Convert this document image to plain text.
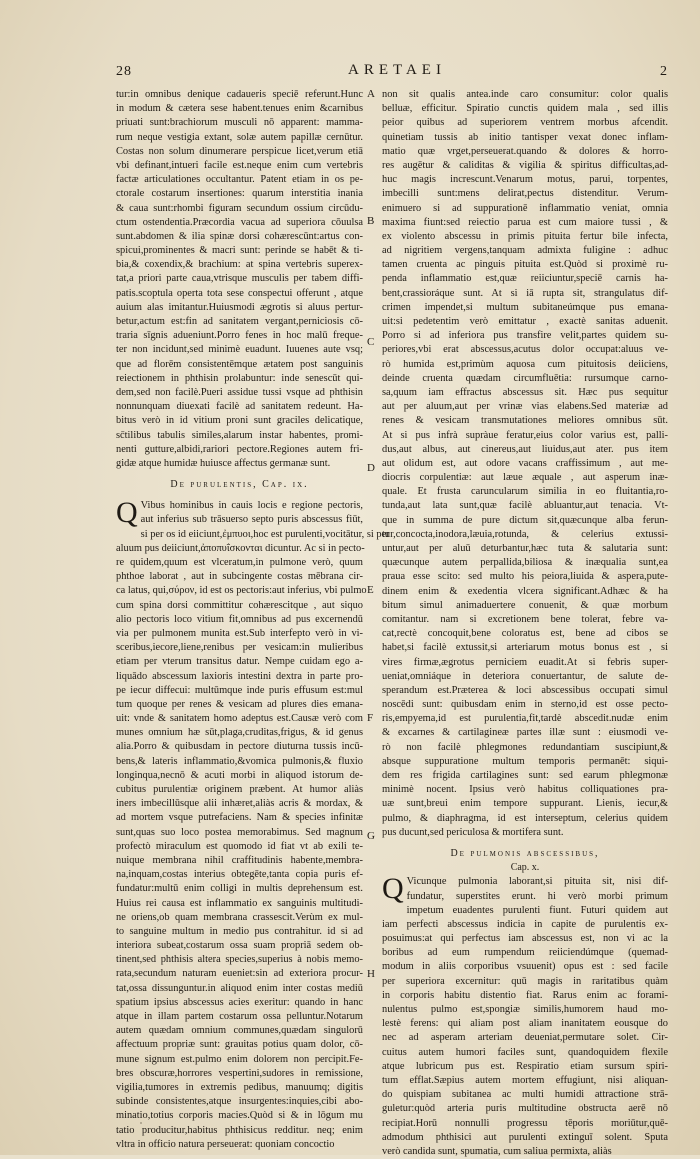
28	ARETAEI	2
tur:in omnibus denique cadaueris speciē referunt.Hunc
in modum & cætera sese habent.tenues enim &carnibus
priuati sunt:brachiorum musculi nō apparent: mamma-
rum neque vestigia extant, solæ autem papillæ cernūtur.
Costas non solum dinumerare perspicue licet,verum etiā
vbi definant,intueri facile est.neque enim cum vertebris
factæ articulationes occultantur. Patent etiam in os pe-
ctorale costarum insertiones: quarum interstitia inania
& caua sunt:rhombi figuram secundum ossium circūdu-
ctum ostendentia.Præcordia vacua ad superiora cōuulsa
sunt.abdomen & ilia spinæ dorsi cohærescūnt:artus con-
spicui,prominentes & macri sunt: perinde se habēt & ti-
bia,& coxendix,& brachium: at spina vertebris superex-
tat,a priori parte caua,vtrisque musculis per tabem diffi-
patis.scoptula operta tota sese conspectui offerunt , atque
auium alas imitantur.Huiusmodi ægrotis si aluus pertur-
betur,actum est:fin ad sanitatem vergant,perniciosis cō-
traria sīgnis adueniunt.Porro fenes in hoc malū freque-
ter non incidunt,sed minimè euadunt. Iuuenes aute vsq;
que ad florēm consistentēmque ætatem post sanguinis
reiectionem in phthisin prolabuntur: inde senescūt qui-
dem,sed non facilè.Pueri assidue tussi vsque ad phthisin
nonnunquam diuexati facilè ad sanitatem redeunt. Ha-
bitus verò in id vitium proni sunt graciles delicatique,
sc̄tilibus tabulis similes,alarum instar habentes, promi-
nenti gutture,albidi,rariori pectore.Regiones autem fri-
gidæ atque humidæ huiusce affectus germanæ sunt.
De purulentis, Cap. ix.
Q Vibus hominibus in cauis locis e regione pectoris,
aut inferius sub trāsuerso septo puris abscessus fiūt,
si per os id eiiciunt,ἐμπυοι,hoc est purulenti,vocitātur, si per
aluum pus deiiciunt,ἀποπυΐσκονται dicuntur. Ac si in pecto-
re quidem,quum est vlceratum,in pulmone verò, quum
phthoe laborat , aut in subcingente costas mēbrana cir-
ca latus, qui,σύρον, id est os pectoris:aut inferius, vbi pulmo
cum spina dorsi committitur cohærescitque , aut siquo
alio pectoris loco vitium fit,omnibus ad pus excernendū
via per pulmonem munita est.Sub interfepto verò in vi-
sceribus,iecore,liene,renibus per vesicam:in mulieribus
etiam per vterum transitus datur. Nempe cuidam ego a-
liquādo abscessum laxioris intestini dextra in parte pro-
pe iecur diffecui: multūmque inde puris effusum est:mul
tum quoque per renes & vesicam ad plures dies emana-
uit: vnde & sanitatem homo adeptus est.Causæ verò com
munes omnium hæ sūt,plaga,cruditas,frigus, & id genus
alia.Porro & quibusdam in pectore diuturna tussis incū-
bens,& lateris inflammatio,&vomica pulmonis,& fluxio
longinqua,necnō & acuti morbi in aliquod istorum de-
cubitus purulentiæ originem præbent. At humor aliàs
iners imbecillūsque alii inhæret,aliàs acris & mordax, &
ad mortem vsque putrefaciens. Nam & species infinitæ
sunt,quas suo loco postea memorabimus. Sed magnum
profectò miraculum est quomodo id fiat vt ab exili te-
nuique membrana nihil craffitudinis habente,membra-
na,inquam,costas interius obtegēte,tanta copia puris ef-
fundatur:multū enim colligi in multis deprehensum est.
Huius rei causa est inflammatio ex sanguinis multitudi-
ne oriens,ob quam membrana crassescit.Verùm ex mul-
to sanguine multum in medio pus contrahitur. id si ad
interiora subeat,costarum ossa suam propriā sedem ob-
tinent,sed phthisis altera species,superius à nobis memo-
rata,secundum naturam eueniet:sin ad exteriora procur-
tat,ossa dissunguntur.in aliquod enim inter costas mediū
spatium ipsius abscessus acies exeritur: quando in hanc
atque in illam partem costarum ossa pelluntur.Notarum
autem quædam omnium communes,quædam singulorū
affectuum propriæ sunt: grauitas potius quam dolor, cō-
mune signum est.pulmo enim dolorem non percipit.Fe-
bres obscuræ,horrores vespertini,sudores in remissione,
vigilia,tumores in extremis pedibus, manuumq; digitis
subinde consistentes,atque insurgentes:inquies,cibi abo-
minatio,totius corporis macies.Quòd si & in lōgum mu
tatio producitur,habitus phthisicus redditur. neq; enim
vltra in officio natura perseuerat: quoniam concoctio
non sit qualis antea.inde caro consumitur: color qualis
belluæ, efficitur. Spiratio cunctis quidem mala , sed illis
peior quibus ad superiorem ventrem morbus afcendit.
quinetiam tussis ab initio tantisper vexat donec inflam-
matio quæ vrget,perseuerat.quando & dolores & horro-
res augētur & caliditas & vigilia & spiritus difficultas,ad-
huc magis increscunt.Venarum motus, parui, torpentes,
imbecilli sunt:mens delirat,pectus distenditur. Verum-
enimuero si ad suppurationē inflammatio veniat, omnia
maxima fiunt:sed reiectio parua est cum maiore tussi , &
ex violento abscessu in primis pituita fertur bile infecta,
ad nigritiem vergens,tanquam admixta fuligine : adhuc
tamen cruenta ac pinguis pituita est.Quòd si proximè ru-
penda inflammatio est,quæ reiiciuntur,speciē carnis ha-
bent,crassioráque sunt. At si iā rupta sit, strangulatus dif-
crimen impendet,si multum subitaneúmque pus emana-
uit:si pedetentim verò emittatur , exactè sanitas aduenit.
Porro si ad inferiora pus transfire velit,partes quidem su-
periores,vbi erat abscessus,acutus dolor occupat:aluus ve-
rò humida est,primùm aquosa cum pituitosis deiiciens,
deinde cruenta quædam circumfluētia: rursumque carno-
sa,quum iam effractus abscessus sit. Hæc pus sequitur
aut per aluum,aut per vrinæ vias elabens.Sed materiæ ad
renes & vesicam transmutationes meliores omnibus sūt.
At si pus infrà supràue feratur,eius color varius est, palli-
dus,aut albus, aut cinereus,aut liuidus,aut ater. pus item
aut olidum est, aut odore vacans craffissimum , aut me-
diocris corpulentiæ: aut læue æquale , aut asperum inæ-
quale. Et frusta caruncularum similia in eo fluitantia,ro-
tunda,aut lata sunt,quæ facilè abluantur,aut tenacia. Vt-
que in summa de pure dictum sit,quæcunque alba ferun-
tur,concocta,inodora,læuia,rotunda, & celerius extussi-
untur,aut per aluū deturbantur,hæc tuta & salutaria sunt:
quæcunque autem perpallida,biliosa & inæqualia sunt,ea
praua esse scito: sed multo his peiora,liuida & aspera,pute-
dinem enim & exedentia vlcera significant.Adhæc & ha
bitum simul animaduertere conuenit, & quæ morbum
comitantur. nam si excretionem bene tolerat, febre va-
cat,rectè concoquit,bene coloratus est, bene ad cibos se
habet,si facilè extussit,si arteriarum motus bonus est , si
vires firmæ,ægrotus perniciem euadit.At si febris super-
ueniat,omniáque in deteriora conuertantur, de salute de-
sperandum est.Præterea & loci abscessibus occupati simul
noscēdi sunt: quibusdam enim in sterno,id est osse pecto-
ris,empyema,id est purulentia,fit,tardè abscedit.nudæ enim
& excarnes & cartilagineæ partes illæ sunt : eiusmodi ve-
rò non facilè phlegmones redundantiam suscipiunt,&
absque suppuratione multum temporis permanēt: siqui-
dem res frigida cartilagines sunt: sed earum phlegmonæ
minimè nocent. Ipsius verò habitus colliquationes pra-
uæ sunt,breui enim tempore suppurant. Lienis, iecur,&
pulmo, & diaphragma, id est interseptum, celerius quidem
pus ducunt,sed periculosa & mortifera sunt.
De pulmonis abscessibus,
Cap. x.
Q Vicunque pulmonia laborant,si pituita sit, nisi dif-
fundatur, superstites erunt. hi verò morbi primum
impetum euadentes purulenti fiunt. Futuri quidem aut
iam perfecti abscessus indicia in capite de purulentis ex-
posuimus:at qui perfectus iam abscessus est, non vi ac la
boribus ad eum rumpendum reiiciendúmque (quemad-
modum in aliis corporibus vsuuenit) opus est : sed facile
per superiora excernitur: quū magis in raritatibus quàm
in corporis habitu distentio fiat. Rarus enim ac forami-
nulentus pulmo est,spongiæ similis,humorem haud mo-
lestè ferens: qui aliam post aliam inanitatem eousque do
nec ad asperam arteriam deueniat,permutare solet. Cir-
cuitus autem humori faciles sunt, quandoquidem flexile
atque lubricum pus est. Respiratio etiam sursum spiri-
tum efflat.Sæpius autem mortem effugiunt, nisi aliquan-
do quispiam subitanea ac multi humidi attractione strā-
guletur:quòd arteria puris multitudine obstructa aerē nō
recipiat.Horū nonnulli progressu tēporis moriūtur,quē-
admodum phthisici aut purulenti extinguī solent. Sputa
verò candida sunt, spumatia, cum saliua permixta, aliàs
A
B
C
D
E
F
G
H
